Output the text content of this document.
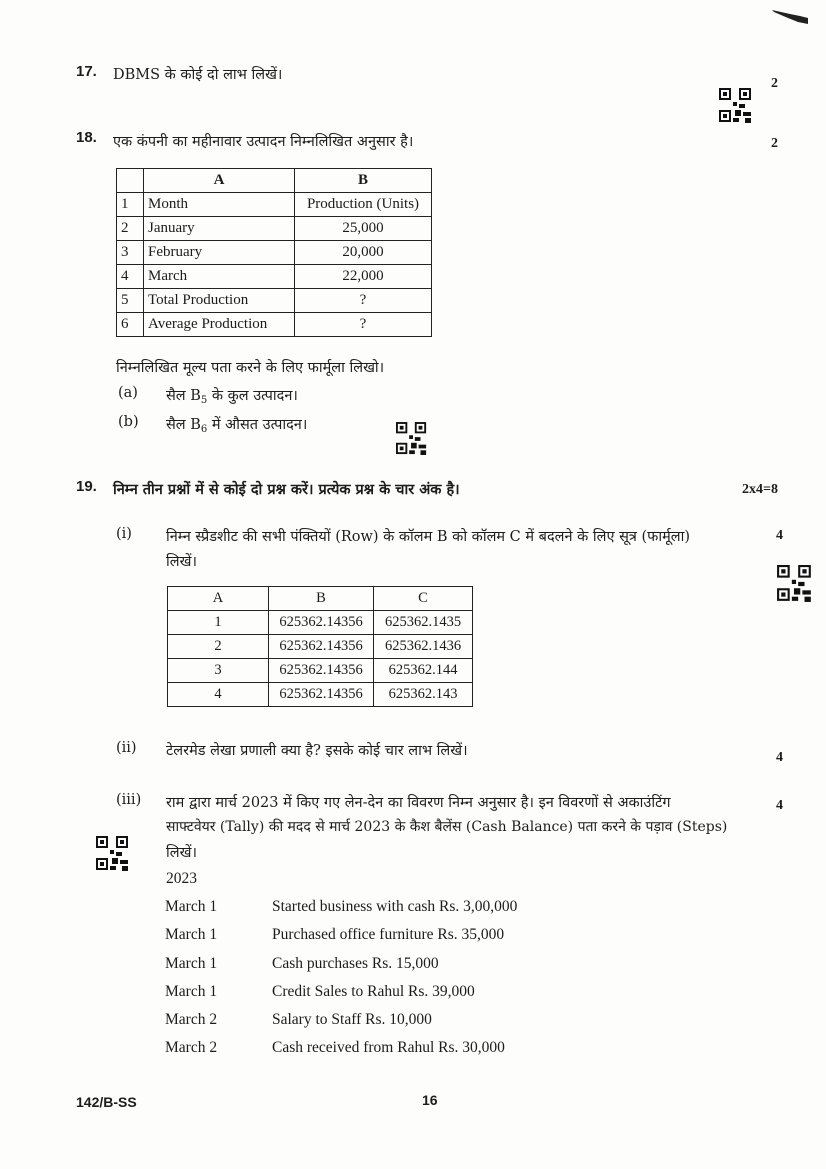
17. DBMS के कोई दो लाभ लिखें।
2
18. एक कंपनी का महीनावार उत्पादन निम्नलिखित अनुसार है।	2
	A	B
1	Month	Production (Units)
2	January	25,000
3	February	20,000
4	March	22,000
5	Total Production	?
6	Average Production	?
निम्नलिखित मूल्य पता करने के लिए फार्मूला लिखो।
(a) सैल $B_5$ के कुल उत्पादन।
(b) सैल $B_6$ में औसत उत्पादन।
19. निम्न तीन प्रश्नों में से कोई दो प्रश्न करें। प्रत्येक प्रश्न के चार अंक है।	2x4=8
(i) निम्न स्प्रैडशीट की सभी पंक्तियों (Row) के कॉलम B को कॉलम C में बदलने के लिए सूत्र (फार्मूला)
लिखें।
4
A	B	C
1	625362.14356	625362.1435
2	625362.14356	625362.1436
3	625362.14356	625362.144
4	625362.14356	625362.143
(ii) टेलरमेड लेखा प्रणाली क्या है? इसके कोई चार लाभ लिखें।	4
(iii) राम द्वारा मार्च 2023 में किए गए लेन-देन का विवरण निम्न अनुसार है। इन विवरणों से अकाउंटिंग
साफ्टवेयर (Tally) की मदद से मार्च 2023 के कैश बैलेंस (Cash Balance) पता करने के पड़ाव (Steps)
लिखें।
4
2023
March 1	Started business with cash Rs. 3,00,000
March 1	Purchased office furniture Rs. 35,000
March 1	Cash purchases Rs. 15,000
March 1	Credit Sales to Rahul Rs. 39,000
March 2	Salary to Staff Rs. 10,000
March 2	Cash received from Rahul Rs. 30,000
142/B-SS	16
